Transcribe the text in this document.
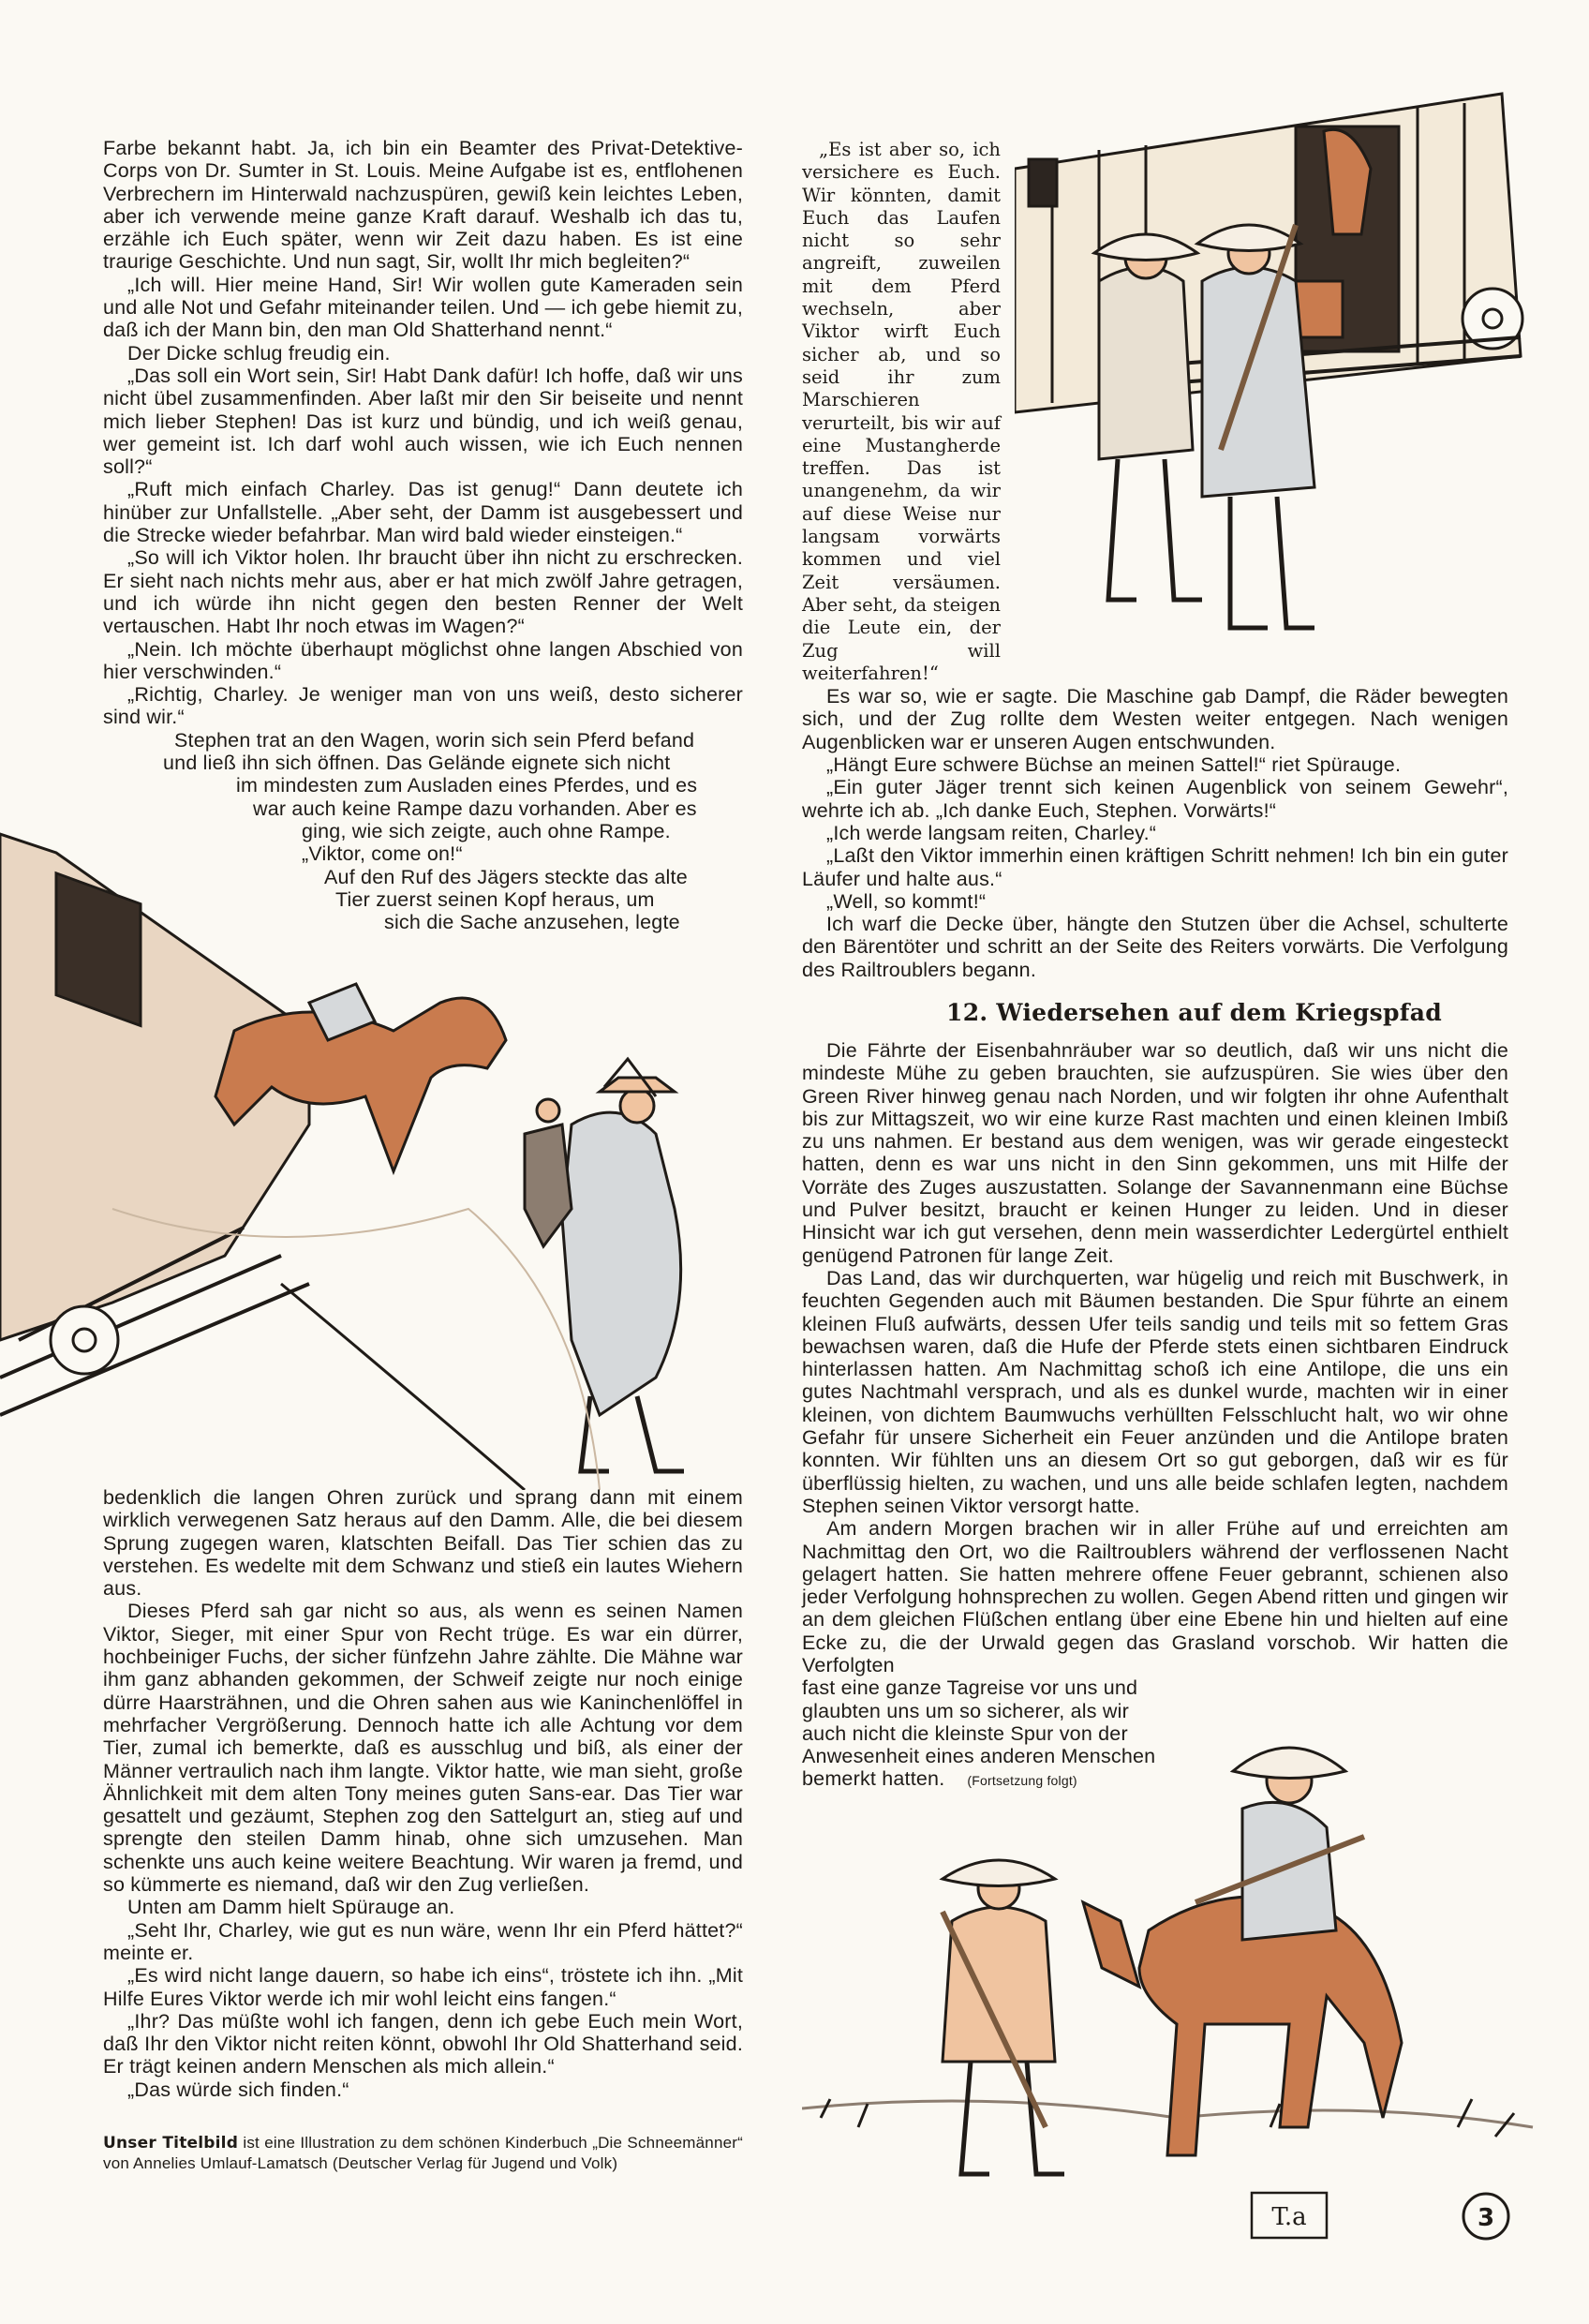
Farbe bekannt habt. Ja, ich bin ein Beamter des Privat-Detektive-Corps von Dr. Sumter in St. Louis. Meine Aufgabe ist es, entflohenen Verbrechern im Hinterwald nachzuspüren, gewiß kein leichtes Leben, aber ich verwende meine ganze Kraft darauf. Weshalb ich das tu, erzähle ich Euch später, wenn wir Zeit dazu haben. Es ist eine traurige Geschichte. Und nun sagt, Sir, wollt Ihr mich begleiten?“

„Ich will. Hier meine Hand, Sir! Wir wollen gute Kameraden sein und alle Not und Gefahr miteinander teilen. Und — ich gebe hiemit zu, daß ich der Mann bin, den man Old Shatterhand nennt.“

Der Dicke schlug freudig ein.

„Das soll ein Wort sein, Sir! Habt Dank dafür! Ich hoffe, daß wir uns nicht übel zusammenfinden. Aber laßt mir den Sir beiseite und nennt mich lieber Stephen! Das ist kurz und bündig, und ich weiß genau, wer gemeint ist. Ich darf wohl auch wissen, wie ich Euch nennen soll?“

„Ruft mich einfach Charley. Das ist genug!“ Dann deutete ich hinüber zur Unfallstelle. „Aber seht, der Damm ist ausgebessert und die Strecke wieder befahrbar. Man wird bald wieder einsteigen.“

„So will ich Viktor holen. Ihr braucht über ihn nicht zu erschrecken. Er sieht nach nichts mehr aus, aber er hat mich zwölf Jahre getragen, und ich würde ihn nicht gegen den besten Renner der Welt vertauschen. Habt Ihr noch etwas im Wagen?“

„Nein. Ich möchte überhaupt möglichst ohne langen Abschied von hier verschwinden.“

„Richtig, Charley. Je weniger man von uns weiß, desto sicherer sind wir.“

Stephen trat an den Wagen, worin sich sein Pferd befand
und ließ ihn sich öffnen. Das Gelände eignete sich nicht
im mindesten zum Ausladen eines Pferdes, und es
war auch keine Rampe dazu vorhanden. Aber es
ging, wie sich zeigte, auch ohne Rampe.
„Viktor, come on!“
Auf den Ruf des Jägers steckte das alte
Tier zuerst seinen Kopf heraus, um
sich die Sache anzusehen, legte

bedenklich die langen Ohren zurück und sprang dann mit einem wirklich verwegenen Satz heraus auf den Damm. Alle, die bei diesem Sprung zugegen waren, klatschten Beifall. Das Tier schien das zu verstehen. Es wedelte mit dem Schwanz und stieß ein lautes Wiehern aus.

Dieses Pferd sah gar nicht so aus, als wenn es seinen Namen Viktor, Sieger, mit einer Spur von Recht trüge. Es war ein dürrer, hochbeiniger Fuchs, der sicher fünfzehn Jahre zählte. Die Mähne war ihm ganz abhanden gekommen, der Schweif zeigte nur noch einige dürre Haarsträhnen, und die Ohren sahen aus wie Kaninchenlöffel in mehrfacher Vergrößerung. Dennoch hatte ich alle Achtung vor dem Tier, zumal ich bemerkte, daß es ausschlug und biß, als einer der Männer vertraulich nach ihm langte. Viktor hatte, wie man sieht, große Ähnlichkeit mit dem alten Tony meines guten Sans-ear. Das Tier war gesattelt und gezäumt, Stephen zog den Sattelgurt an, stieg auf und sprengte den steilen Damm hinab, ohne sich umzusehen. Man schenkte uns auch keine weitere Beachtung. Wir waren ja fremd, und so kümmerte es niemand, daß wir den Zug verließen.

Unten am Damm hielt Spürauge an.

„Seht Ihr, Charley, wie gut es nun wäre, wenn Ihr ein Pferd hättet?“ meinte er.

„Es wird nicht lange dauern, so habe ich eins“, tröstete ich ihn. „Mit Hilfe Eures Viktor werde ich mir wohl leicht eins fangen.“

„Ihr? Das müßte wohl ich fangen, denn ich gebe Euch mein Wort, daß Ihr den Viktor nicht reiten könnt, obwohl Ihr Old Shatterhand seid. Er trägt keinen andern Menschen als mich allein.“

„Das würde sich finden.“

Unser Titelbild ist eine Illustration zu dem schönen Kinderbuch „Die Schneemänner“ von Annelies Umlauf-Lamatsch (Deutscher Verlag für Jugend und Volk)
T.a	3

„Es ist aber so, ich versichere es Euch. Wir könnten, damit Euch das Laufen nicht so sehr angreift, zuweilen mit dem Pferd wechseln, aber Viktor wirft Euch sicher ab, und so seid ihr zum Marschieren verurteilt, bis wir auf eine Mustangherde treffen. Das ist unangenehm, da wir auf diese Weise nur langsam vorwärts kommen und viel Zeit versäumen. Aber seht, da steigen die Leute ein, der Zug will weiterfahren!“

Es war so, wie er sagte. Die Maschine gab Dampf, die Räder bewegten sich, und der Zug rollte dem Westen weiter entgegen. Nach wenigen Augenblicken war er unseren Augen entschwunden.

„Hängt Eure schwere Büchse an meinen Sattel!“ riet Spürauge.

„Ein guter Jäger trennt sich keinen Augenblick von seinem Gewehr“, wehrte ich ab. „Ich danke Euch, Stephen. Vorwärts!“

„Ich werde langsam reiten, Charley.“

„Laßt den Viktor immerhin einen kräftigen Schritt nehmen! Ich bin ein guter Läufer und halte aus.“

„Well, so kommt!“

Ich warf die Decke über, hängte den Stutzen über die Achsel, schulterte den Bärentöter und schritt an der Seite des Reiters vorwärts. Die Verfolgung des Railtroublers begann.

12. Wiedersehen auf dem Kriegspfad

Die Fährte der Eisenbahnräuber war so deutlich, daß wir uns nicht die mindeste Mühe zu geben brauchten, sie aufzuspüren. Sie wies über den Green River hinweg genau nach Norden, und wir folgten ihr ohne Aufenthalt bis zur Mittagszeit, wo wir eine kurze Rast machten und einen kleinen Imbiß zu uns nahmen. Er bestand aus dem wenigen, was wir gerade eingesteckt hatten, denn es war uns nicht in den Sinn gekommen, uns mit Hilfe der Vorräte des Zuges auszustatten. Solange der Savannenmann eine Büchse und Pulver besitzt, braucht er keinen Hunger zu leiden. Und in dieser Hinsicht war ich gut versehen, denn mein wasserdichter Ledergürtel enthielt genügend Patronen für lange Zeit.

Das Land, das wir durchquerten, war hügelig und reich mit Buschwerk, in feuchten Gegenden auch mit Bäumen bestanden. Die Spur führte an einem kleinen Fluß aufwärts, dessen Ufer teils sandig und teils mit so fettem Gras bewachsen waren, daß die Hufe der Pferde stets einen sichtbaren Eindruck hinterlassen hatten. Am Nachmittag schoß ich eine Antilope, die uns ein gutes Nachtmahl versprach, und als es dunkel wurde, machten wir in einer kleinen, von dichtem Baumwuchs verhüllten Felsschlucht halt, wo wir ohne Gefahr für unsere Sicherheit ein Feuer anzünden und die Antilope braten konnten. Wir fühlten uns an diesem Ort so gut geborgen, daß wir es für überflüssig hielten, zu wachen, und uns alle beide schlafen legten, nachdem Stephen seinen Viktor versorgt hatte.

Am andern Morgen brachen wir in aller Frühe auf und erreichten am Nachmittag den Ort, wo die Railtroublers während der verflossenen Nacht gelagert hatten. Sie hatten mehrere offene Feuer gebrannt, schienen also jeder Verfolgung hohnsprechen zu wollen. Gegen Abend ritten und gingen wir an dem gleichen Flüßchen entlang über eine Ebene hin und hielten auf eine Ecke zu, die der Urwald gegen das Grasland vorschob. Wir hatten die Verfolgten

fast eine ganze Tagreise vor uns und
glaubten uns um so sicherer, als wir
auch nicht die kleinste Spur von der
Anwesenheit eines anderen Menschen
bemerkt hatten. (Fortsetzung folgt)
